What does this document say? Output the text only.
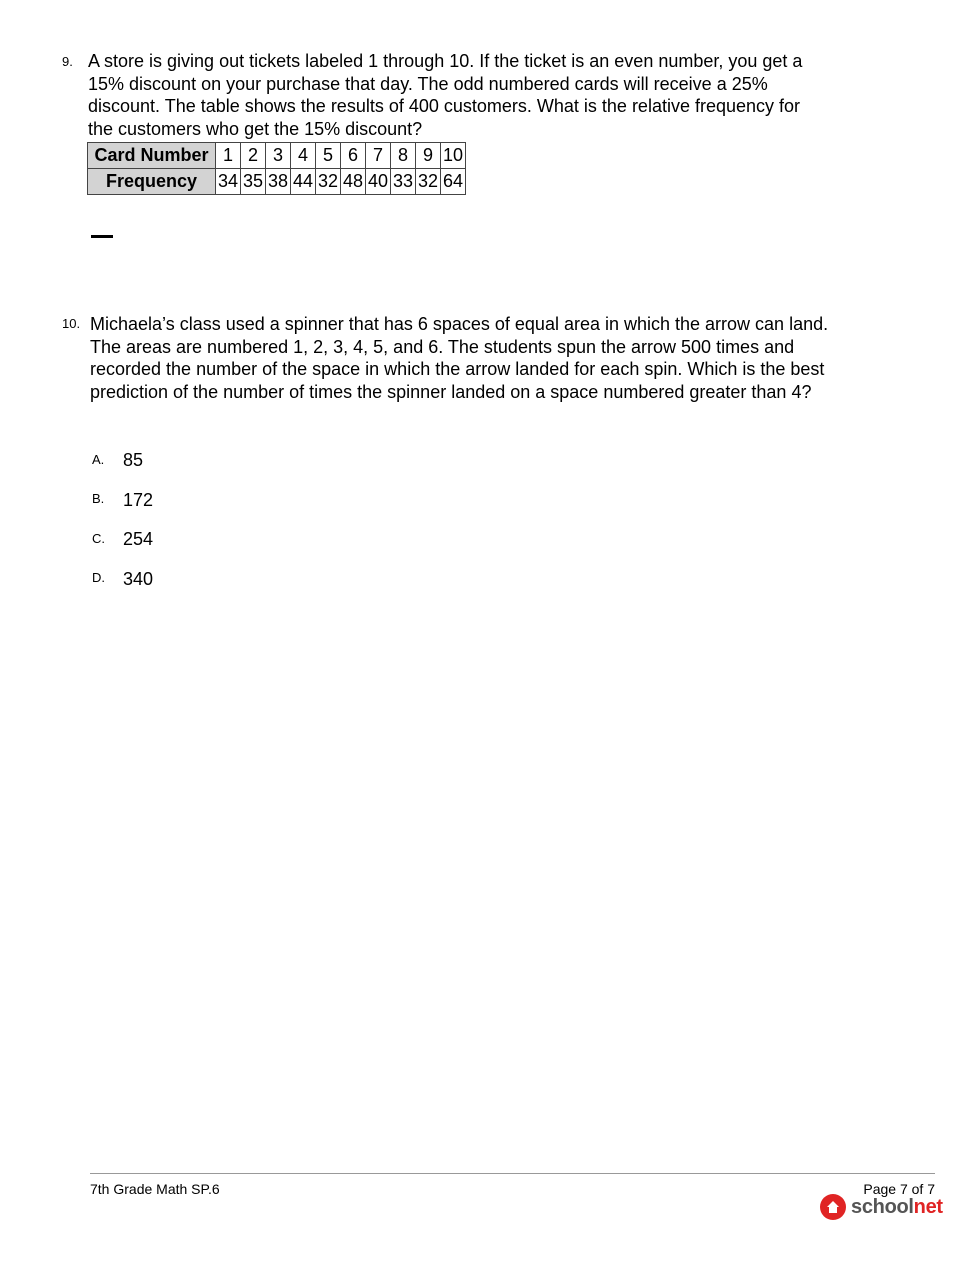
9. A store is giving out tickets labeled 1 through 10. If the ticket is an even number, you get a 15% discount on your purchase that day. The odd numbered cards will receive a 25% discount. The table shows the results of 400 customers. What is the relative frequency for the customers who get the 15% discount?
Card Number	1	2	3	4	5	6	7	8	9	10
Frequency	34	35	38	44	32	48	40	33	32	64
10. Michaela’s class used a spinner that has 6 spaces of equal area in which the arrow can land. The areas are numbered 1, 2, 3, 4, 5, and 6. The students spun the arrow 500 times and recorded the number of the space in which the arrow landed for each spin. Which is the best prediction of the number of times the spinner landed on a space numbered greater than 4?
A. 85
B. 172
C. 254
D. 340
7th Grade Math SP.6	Page 7 of 7
schoolnet
